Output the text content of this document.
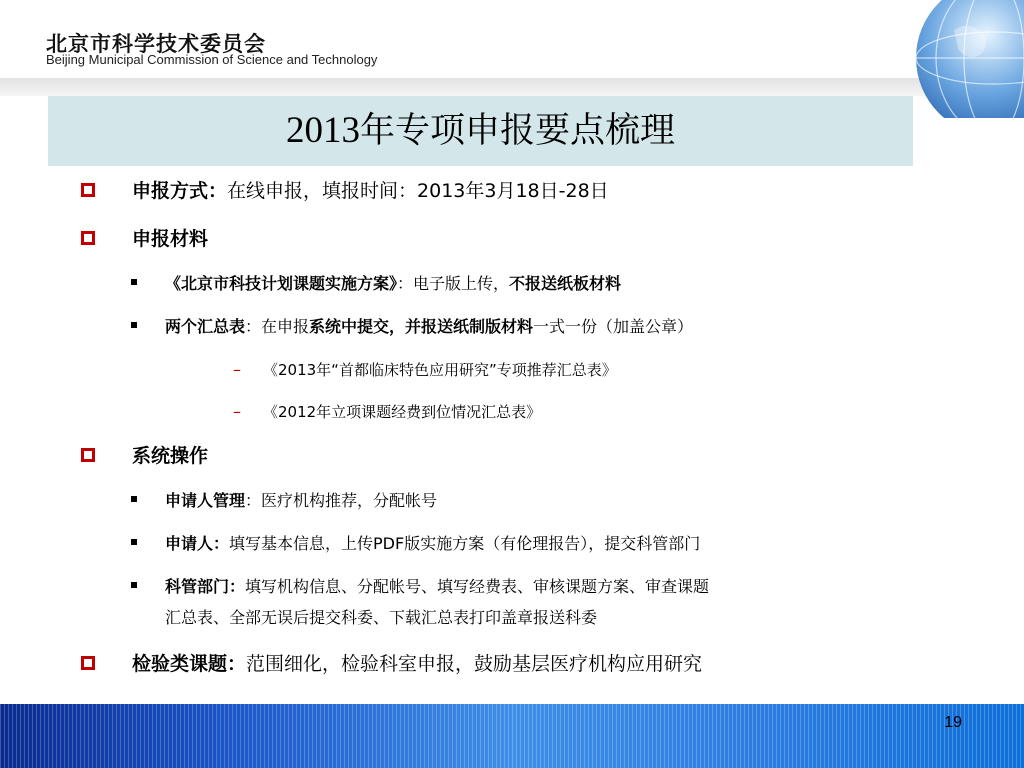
北京市科学技术委员会
Beijing Municipal Commission of Science and Technology
2013年专项申报要点梳理
申报方式：在线申报，填报时间：2013年3月18日-28日
申报材料
《北京市科技计划课题实施方案》：电子版上传，不报送纸板材料
两个汇总表：在申报系统中提交，并报送纸制版材料一式一份（加盖公章）
– 《2013年“首都临床特色应用研究”专项推荐汇总表》
– 《2012年立项课题经费到位情况汇总表》
系统操作
申请人管理：医疗机构推荐，分配帐号
申请人：填写基本信息，上传PDF版实施方案（有伦理报告），提交科管部门
科管部门：填写机构信息、分配帐号、填写经费表、审核课题方案、审查课题
汇总表、全部无误后提交科委、下载汇总表打印盖章报送科委
检验类课题：范围细化，检验科室申报，鼓励基层医疗机构应用研究
19
